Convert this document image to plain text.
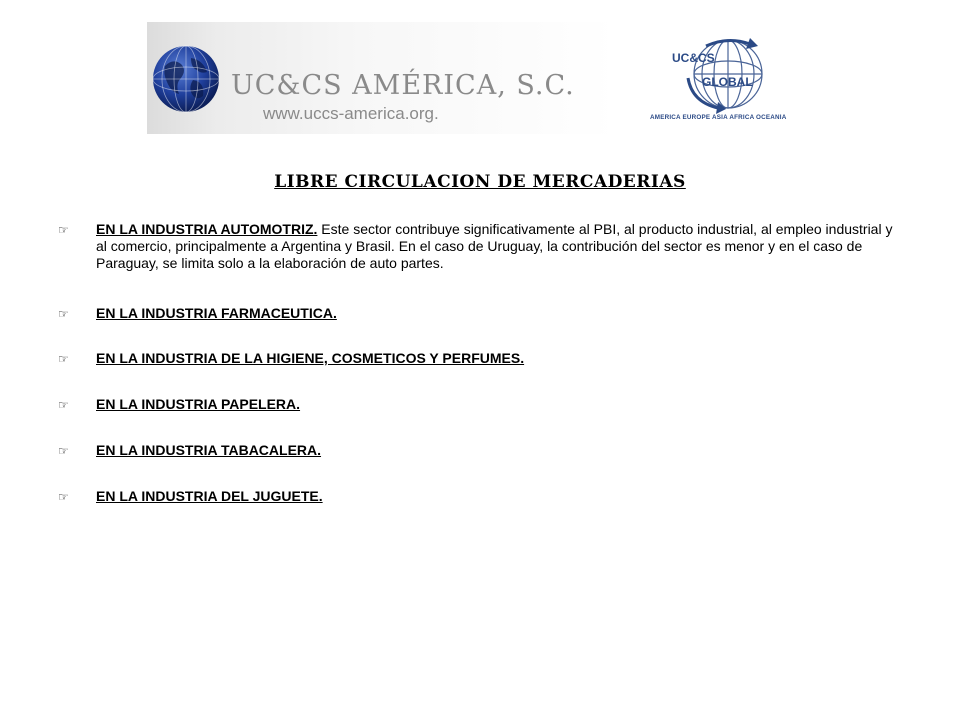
UC&CS AMÉRICA, S.C.
www.uccs-america.org.
UC&CS
GLOBAL
AMERICA EUROPE ASIA AFRICA OCEANIA
LIBRE CIRCULACION DE MERCADERIAS
☞ EN LA INDUSTRIA AUTOMOTRIZ. Este sector contribuye significativamente al PBI, al producto industrial, al empleo industrial y al comercio, principalmente a Argentina y Brasil. En el caso de Uruguay, la contribución del sector es menor y en el caso de Paraguay, se limita solo a la elaboración de auto partes.
☞ EN LA INDUSTRIA FARMACEUTICA.
☞ EN LA INDUSTRIA DE LA HIGIENE, COSMETICOS Y PERFUMES.
☞ EN LA INDUSTRIA PAPELERA.
☞ EN LA INDUSTRIA TABACALERA.
☞ EN LA INDUSTRIA DEL JUGUETE.
